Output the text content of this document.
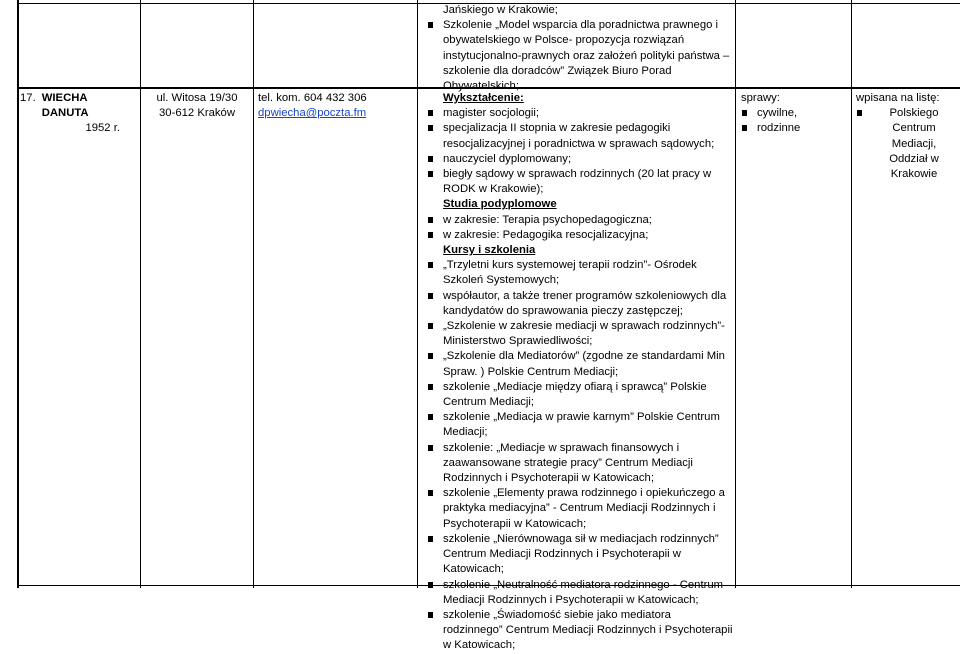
Jańskiego w Krakowie;
Szkolenie „Model wsparcia dla poradnictwa prawnego i obywatelskiego w Polsce- propozycja rozwiązań instytucjonalno-prawnych oraz założeń polityki państwa – szkolenie dla doradców” Związek Biuro Porad Obywatelskich;
17. WIECHA DANUTA
1952 r.
ul. Witosa 19/30
30-612 Kraków
tel. kom. 604 432 306
dpwiecha@poczta.fm
Wykształcenie:
magister socjologii;
specjalizacja II stopnia w zakresie pedagogiki resocjalizacyjnej i poradnictwa w sprawach sądowych;
nauczyciel dyplomowany;
biegły sądowy w sprawach rodzinnych (20 lat pracy w RODK w Krakowie);
Studia podyplomowe
w zakresie: Terapia psychopedagogiczna;
w zakresie: Pedagogika resocjalizacyjna;
Kursy i szkolenia
„Trzyletni kurs systemowej terapii rodzin”- Ośrodek Szkoleń Systemowych;
współautor, a także trener programów szkoleniowych dla kandydatów do sprawowania pieczy zastępczej;
„Szkolenie w zakresie mediacji w sprawach rodzinnych”- Ministerstwo Sprawiedliwości;
„Szkolenie dla Mediatorów” (zgodne ze standardami Min Spraw. ) Polskie Centrum Mediacji;
szkolenie „Mediacje między ofiarą i sprawcą” Polskie Centrum Mediacji;
szkolenie „Mediacja w prawie karnym” Polskie Centrum Mediacji;
szkolenie: „Mediacje w sprawach finansowych i zaawansowane strategie pracy” Centrum Mediacji Rodzinnych i Psychoterapii w Katowicach;
szkolenie „Elementy prawa rodzinnego i opiekuńczego a praktyka mediacyjna” - Centrum Mediacji Rodzinnych i Psychoterapii w Katowicach;
szkolenie „Nierównowaga sił w mediacjach rodzinnych” Centrum Mediacji Rodzinnych i Psychoterapii w Katowicach;
szkolenie „Neutralność mediatora rodzinnego - Centrum Mediacji Rodzinnych i Psychoterapii w Katowicach;
szkolenie „Świadomość siebie jako mediatora rodzinnego” Centrum Mediacji Rodzinnych i Psychoterapii w Katowicach;
sprawy:
cywilne,
rodzinne
wpisana na listę:
Polskiego Centrum Mediacji, Oddział w Krakowie
